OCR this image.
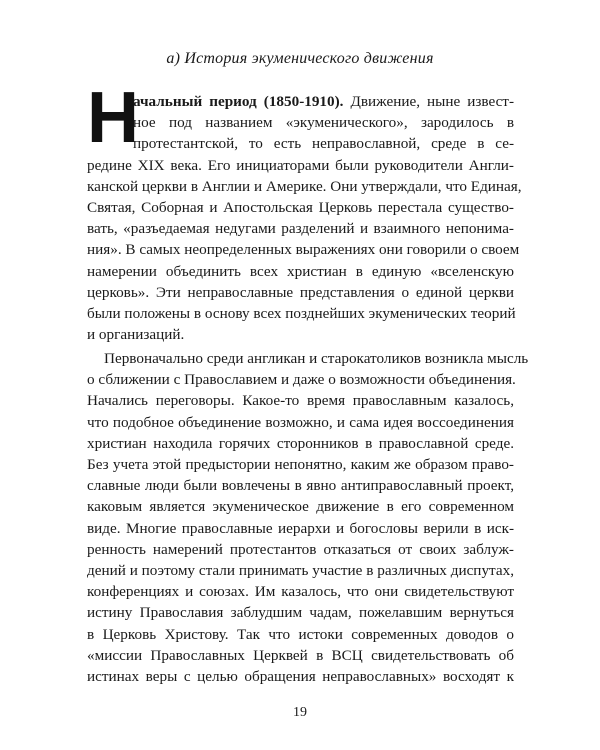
а) История экуменического движения
Н
ачальный период (1850-1910). Движение, ныне извест-
ное под названием «экуменического», зародилось в
протестантской, то есть неправославной, среде в се-
редине XIX века. Его инициаторами были руководители Англи-
канской церкви в Англии и Америке. Они утверждали, что Единая,
Святая, Соборная и Апостольская Церковь перестала существо-
вать, «разъедаемая недугами разделений и взаимного непонима-
ния». В самых неопределенных выражениях они говорили о своем
намерении объединить всех христиан в единую «вселенскую
церковь». Эти неправославные представления о единой церкви
были положены в основу всех позднейших экуменических теорий
и организаций.
Первоначально среди англикан и старокатоликов возникла мысль
о сближении с Православием и даже о возможности объединения.
Начались переговоры. Какое-то время православным казалось,
что подобное объединение возможно, и сама идея воссоединения
христиан находила горячих сторонников в православной среде.
Без учета этой предыстории непонятно, каким же образом право-
славные люди были вовлечены в явно антиправославный проект,
каковым является экуменическое движение в его современном
виде. Многие православные иерархи и богословы верили в иск-
ренность намерений протестантов отказаться от своих заблуж-
дений и поэтому стали принимать участие в различных диспутах,
конференциях и союзах. Им казалось, что они свидетельствуют
истину Православия заблудшим чадам, пожелавшим вернуться
в Церковь Христову. Так что истоки современных доводов о
«миссии Православных Церквей в ВСЦ свидетельствовать об
истинах веры с целью обращения неправославных» восходят к
19
